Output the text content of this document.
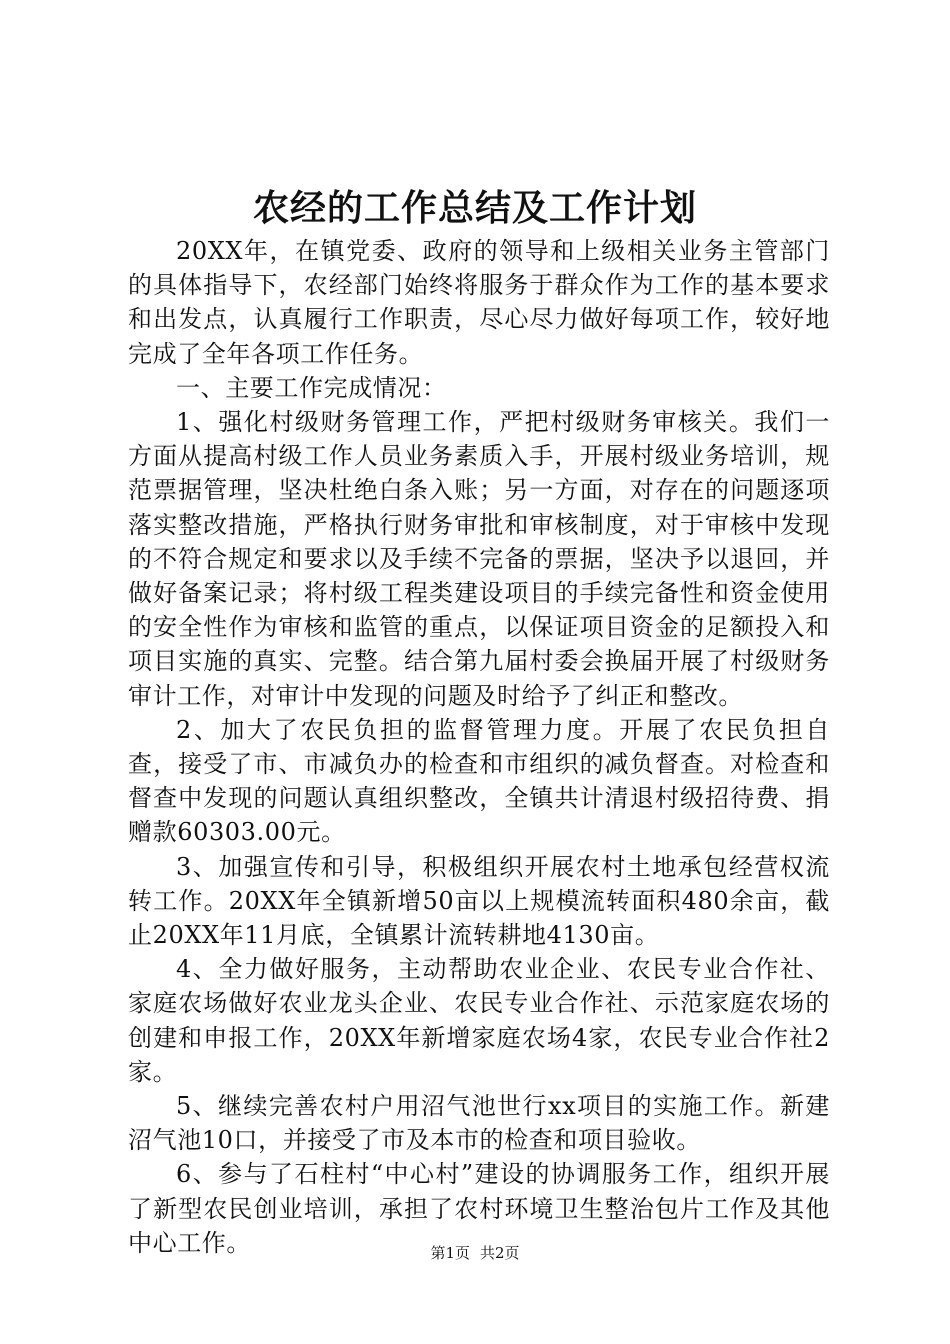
农经的工作总结及工作计划

20XX年，在镇党委、政府的领导和上级相关业务主管部门的具体指导下，农经部门始终将服务于群众作为工作的基本要求和出发点，认真履行工作职责，尽心尽力做好每项工作，较好地完成了全年各项工作任务。

一、主要工作完成情况：

1、强化村级财务管理工作，严把村级财务审核关。我们一方面从提高村级工作人员业务素质入手，开展村级业务培训，规范票据管理，坚决杜绝白条入账；另一方面，对存在的问题逐项落实整改措施，严格执行财务审批和审核制度，对于审核中发现的不符合规定和要求以及手续不完备的票据，坚决予以退回，并做好备案记录；将村级工程类建设项目的手续完备性和资金使用的安全性作为审核和监管的重点，以保证项目资金的足额投入和项目实施的真实、完整。结合第九届村委会换届开展了村级财务审计工作，对审计中发现的问题及时给予了纠正和整改。

2、加大了农民负担的监督管理力度。开展了农民负担自查，接受了市、市减负办的检查和市组织的减负督查。对检查和督查中发现的问题认真组织整改，全镇共计清退村级招待费、捐赠款60303.00元。

3、加强宣传和引导，积极组织开展农村土地承包经营权流转工作。20XX年全镇新增50亩以上规模流转面积480余亩，截止20XX年11月底，全镇累计流转耕地4130亩。

4、全力做好服务，主动帮助农业企业、农民专业合作社、家庭农场做好农业龙头企业、农民专业合作社、示范家庭农场的创建和申报工作，20XX年新增家庭农场4家，农民专业合作社2家。

5、继续完善农村户用沼气池世行xx项目的实施工作。新建沼气池10口，并接受了市及本市的检查和项目验收。

6、参与了石柱村“中心村”建设的协调服务工作，组织开展了新型农民创业培训，承担了农村环境卫生整治包片工作及其他中心工作。	第1页 共2页
